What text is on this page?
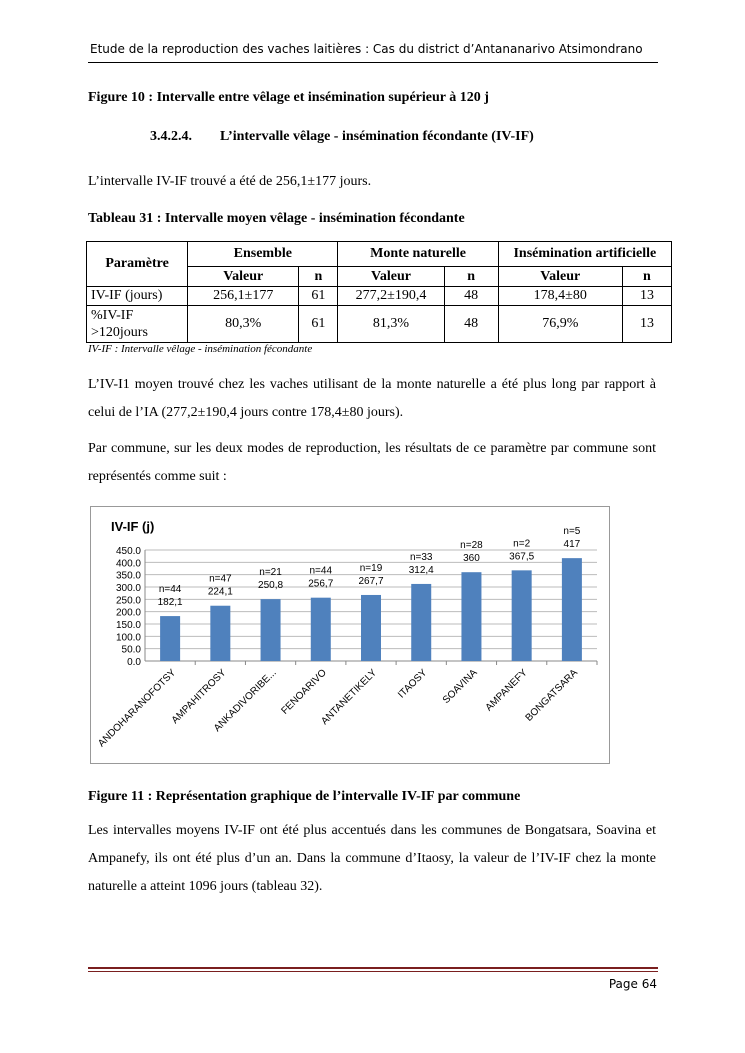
Etude de la reproduction des vaches laitières : Cas du district d’Antananarivo Atsimondrano
Figure 10 : Intervalle entre vêlage et insémination supérieur à 120 j
3.4.2.4. L’intervalle vêlage - insémination fécondante (IV-IF)
L’intervalle IV-IF trouvé a été de 256,1±177 jours.
Tableau 31 : Intervalle moyen vêlage - insémination fécondante
Paramètre	Ensemble		Monte naturelle		Insémination artificielle	
	Valeur	n	Valeur	n	Valeur	n
IV-IF (jours)	256,1±177	61	277,2±190,4	48	178,4±80	13
%IV-IF
>120jours	80,3%	61	81,3%	48	76,9%	13
IV-IF : Intervalle vêlage - insémination fécondante
L’IV-I1 moyen trouvé chez les vaches utilisant de la monte naturelle a été plus long par rapport à celui de l’IA (277,2±190,4 jours contre 178,4±80 jours).
Par commune, sur les deux modes de reproduction, les résultats de ce paramètre par commune sont représentés comme suit :
IV-IF (j)
0.0
50.0
100.0
150.0
200.0
250.0
300.0
350.0
400.0
450.0
182,1
n=44
ANDOHARANOFOTSY
224,1
n=47
AMPAHITROSY
250,8
n=21
ANKADIVORIBE...
256,7
n=44
FENOARIVO
267,7
n=19
ANTANETIKELY
312,4
n=33
ITAOSY
360
n=28
SOAVINA
367,5
n=2
AMPANEFY
417
n=5
BONGATSARA
Figure 11 : Représentation graphique de l’intervalle IV-IF par commune
Les intervalles moyens IV-IF ont été plus accentués dans les communes de Bongatsara, Soavina et Ampanefy, ils ont été plus d’un an. Dans la commune d’Itaosy, la valeur de l’IV-IF chez la monte naturelle a atteint 1096 jours (tableau 32).
Page 64
